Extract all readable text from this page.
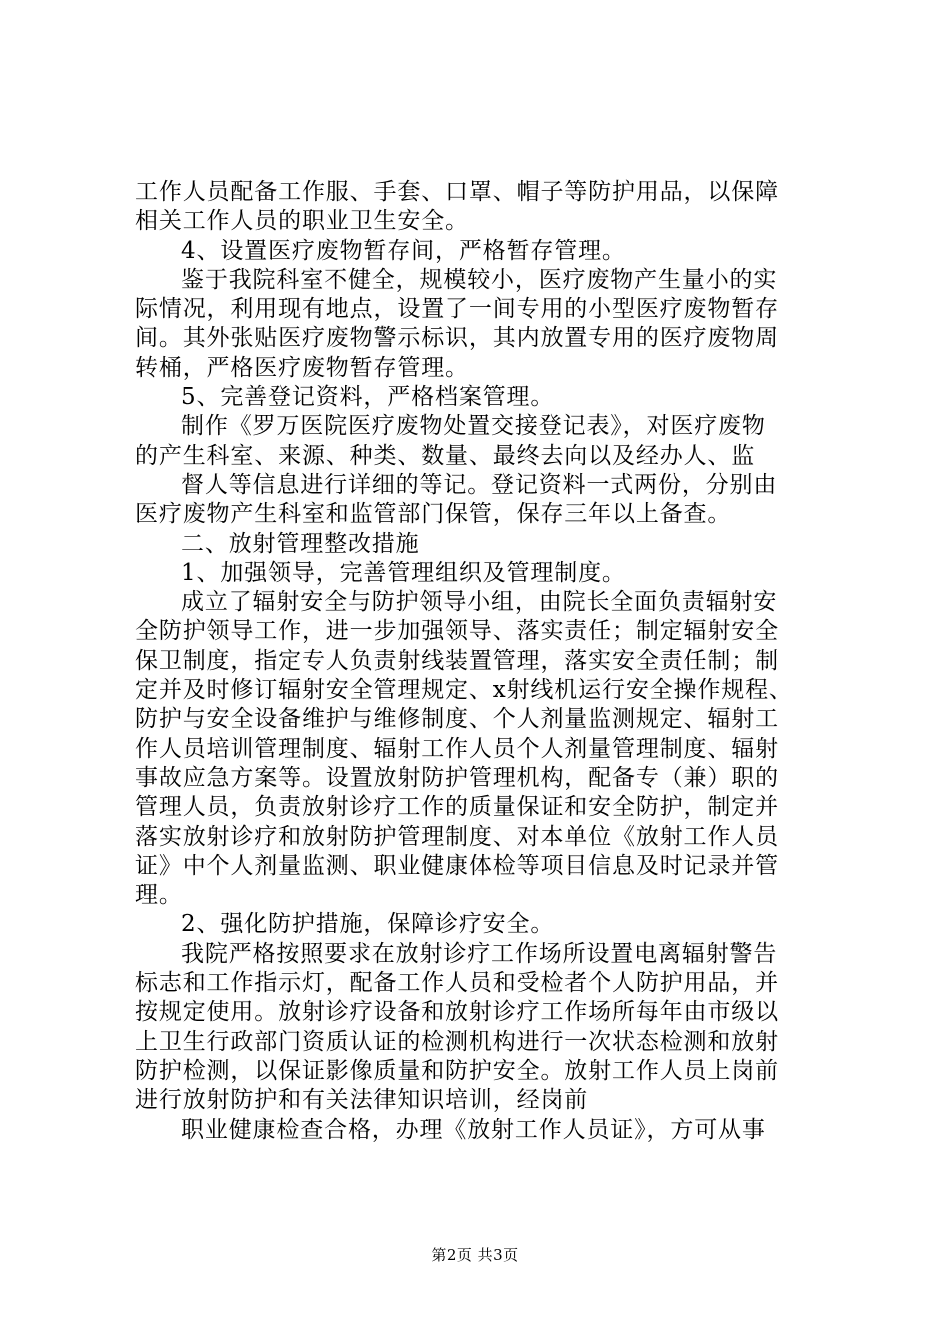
工作人员配备工作服、手套、口罩、帽子等防护用品，以保障
相关工作人员的职业卫生安全。
4、设置医疗废物暂存间，严格暂存管理。
鉴于我院科室不健全，规模较小，医疗废物产生量小的实
际情况，利用现有地点，设置了一间专用的小型医疗废物暂存
间。其外张贴医疗废物警示标识，其内放置专用的医疗废物周
转桶，严格医疗废物暂存管理。
5、完善登记资料，严格档案管理。
制作《罗万医院医疗废物处置交接登记表》，对医疗废物
的产生科室、来源、种类、数量、最终去向以及经办人、监
督人等信息进行详细的等记。登记资料一式两份，分别由
医疗废物产生科室和监管部门保管，保存三年以上备查。
二、放射管理整改措施
1、加强领导，完善管理组织及管理制度。
成立了辐射安全与防护领导小组，由院长全面负责辐射安
全防护领导工作，进一步加强领导、落实责任；制定辐射安全
保卫制度，指定专人负责射线装置管理，落实安全责任制；制
定并及时修订辐射安全管理规定、x射线机运行安全操作规程、
防护与安全设备维护与维修制度、个人剂量监测规定、辐射工
作人员培训管理制度、辐射工作人员个人剂量管理制度、辐射
事故应急方案等。设置放射防护管理机构，配备专（兼）职的
管理人员，负责放射诊疗工作的质量保证和安全防护，制定并
落实放射诊疗和放射防护管理制度、对本单位《放射工作人员
证》中个人剂量监测、职业健康体检等项目信息及时记录并管
理。
2、强化防护措施，保障诊疗安全。
我院严格按照要求在放射诊疗工作场所设置电离辐射警告
标志和工作指示灯，配备工作人员和受检者个人防护用品，并
按规定使用。放射诊疗设备和放射诊疗工作场所每年由市级以
上卫生行政部门资质认证的检测机构进行一次状态检测和放射
防护检测，以保证影像质量和防护安全。放射工作人员上岗前
进行放射防护和有关法律知识培训，经岗前
职业健康检查合格，办理《放射工作人员证》，方可从事
第2页 共3页
